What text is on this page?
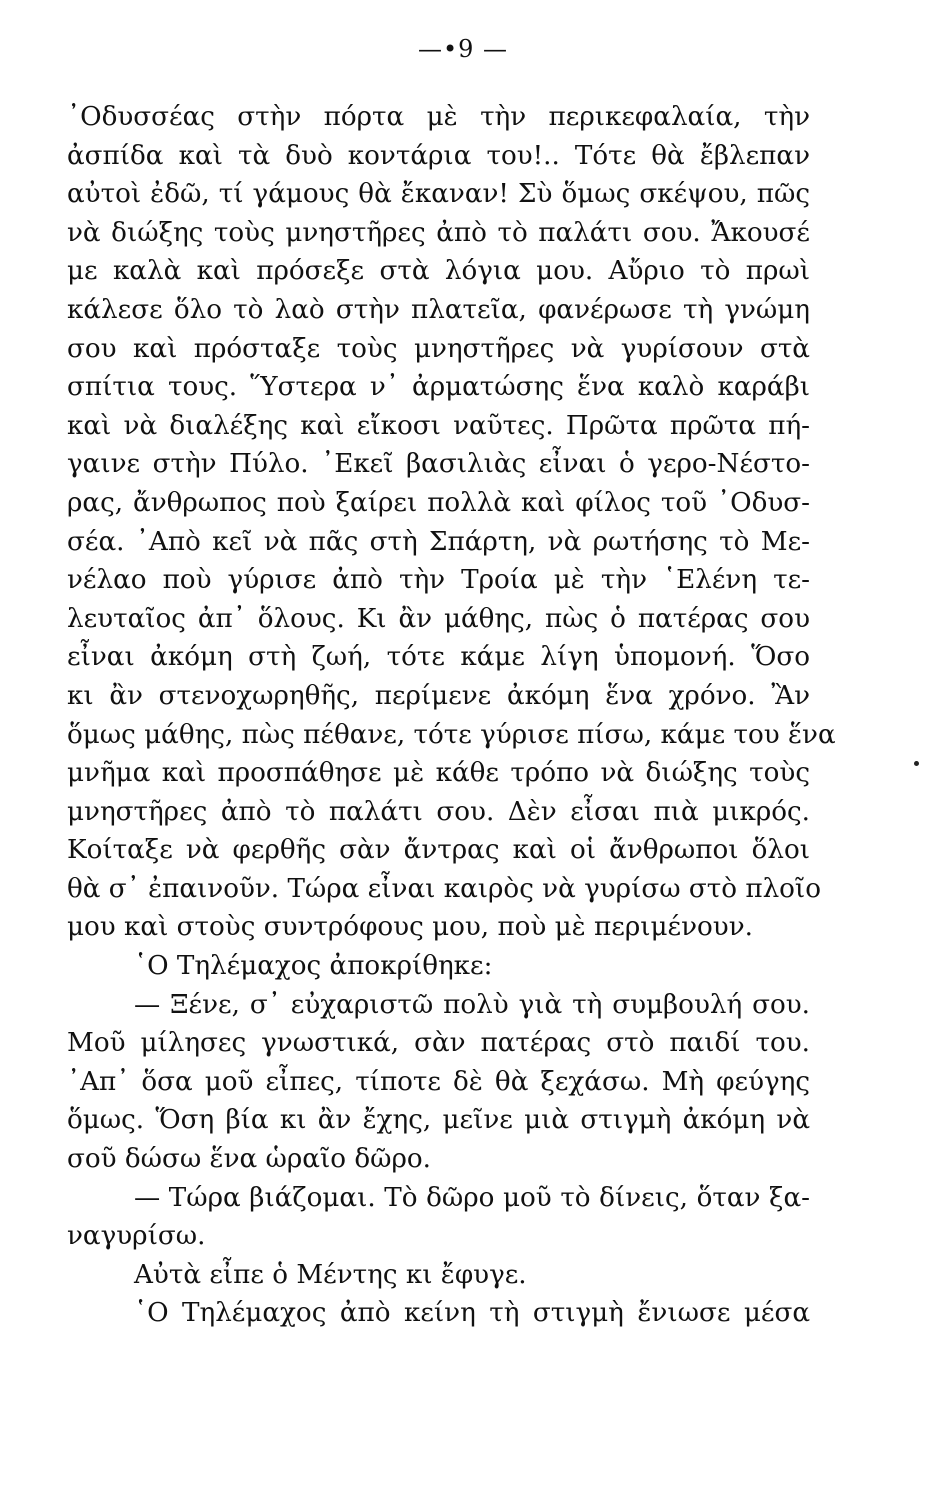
—•9 —
᾿Οδυσσέας στὴν πόρτα μὲ τὴν περικεφαλαία, τὴν
ἀσπίδα καὶ τὰ δυὸ κοντάρια του!.. Τότε θὰ ἔβλεπαν
αὐτοὶ ἐδῶ, τί γάμους θὰ ἔκαναν! Σὺ ὅμως σκέψου, πῶς
νὰ διώξης τοὺς μνηστῆρες ἀπὸ τὸ παλάτι σου. Ἄκουσέ
με καλὰ καὶ πρόσεξε στὰ λόγια μου. Αὔριο τὸ πρωὶ
κάλεσε ὅλο τὸ λαὸ στὴν πλατεῖα, φανέρωσε τὴ γνώμη
σου καὶ πρόσταξε τοὺς μνηστῆρες νὰ γυρίσουν στὰ
σπίτια τους. Ὕστερα ν᾿ ἀρματώσης ἕνα καλὸ καράβι
καὶ νὰ διαλέξης καὶ εἴκοσι ναῦτες. Πρῶτα πρῶτα πή-
γαινε στὴν Πύλο. ᾿Εκεῖ βασιλιὰς εἶναι ὁ γερο-Νέστο-
ρας, ἄνθρωπος ποὺ ξαίρει πολλὰ καὶ φίλος τοῦ ᾿Οδυσ-
σέα. ᾿Απὸ κεῖ νὰ πᾶς στὴ Σπάρτη, νὰ ρωτήσης τὸ Με-
νέλαο ποὺ γύρισε ἀπὸ τὴν Τροία μὲ τὴν ῾Ελένη τε-
λευταῖος ἀπ᾿ ὅλους. Κι ἂν μάθης, πὼς ὁ πατέρας σου
εἶναι ἀκόμη στὴ ζωή, τότε κάμε λίγη ὑπομονή. Ὅσο
κι ἂν στενοχωρηθῆς, περίμενε ἀκόμη ἕνα χρόνο. Ἂν
ὅμως μάθης, πὼς πέθανε, τότε γύρισε πίσω, κάμε του ἕνα
μνῆμα καὶ προσπάθησε μὲ κάθε τρόπο νὰ διώξης τοὺς
μνηστῆρες ἀπὸ τὸ παλάτι σου. Δὲν εἶσαι πιὰ μικρός.
Κοίταξε νὰ φερθῆς σὰν ἄντρας καὶ οἱ ἄνθρωποι ὅλοι
θὰ σ᾿ ἐπαινοῦν. Τώρα εἶναι καιρὸς νὰ γυρίσω στὸ πλοῖο
μου καὶ στοὺς συντρόφους μου, ποὺ μὲ περιμένουν.
῾Ο Τηλέμαχος ἀποκρίθηκε:
— Ξένε, σ᾿ εὐχαριστῶ πολὺ γιὰ τὴ συμβουλή σου.
Μοῦ μίλησες γνωστικά, σὰν πατέρας στὸ παιδί του.
᾿Απ᾿ ὅσα μοῦ εἶπες, τίποτε δὲ θὰ ξεχάσω. Μὴ φεύγης
ὅμως. Ὅση βία κι ἂν ἔχης, μεῖνε μιὰ στιγμὴ ἀκόμη νὰ
σοῦ δώσω ἕνα ὡραῖο δῶρο.
— Τώρα βιάζομαι. Τὸ δῶρο μοῦ τὸ δίνεις, ὅταν ξα-
ναγυρίσω.
Αὐτὰ εἶπε ὁ Μέντης κι ἔφυγε.
῾Ο Τηλέμαχος ἀπὸ κείνη τὴ στιγμὴ ἔνιωσε μέσα
